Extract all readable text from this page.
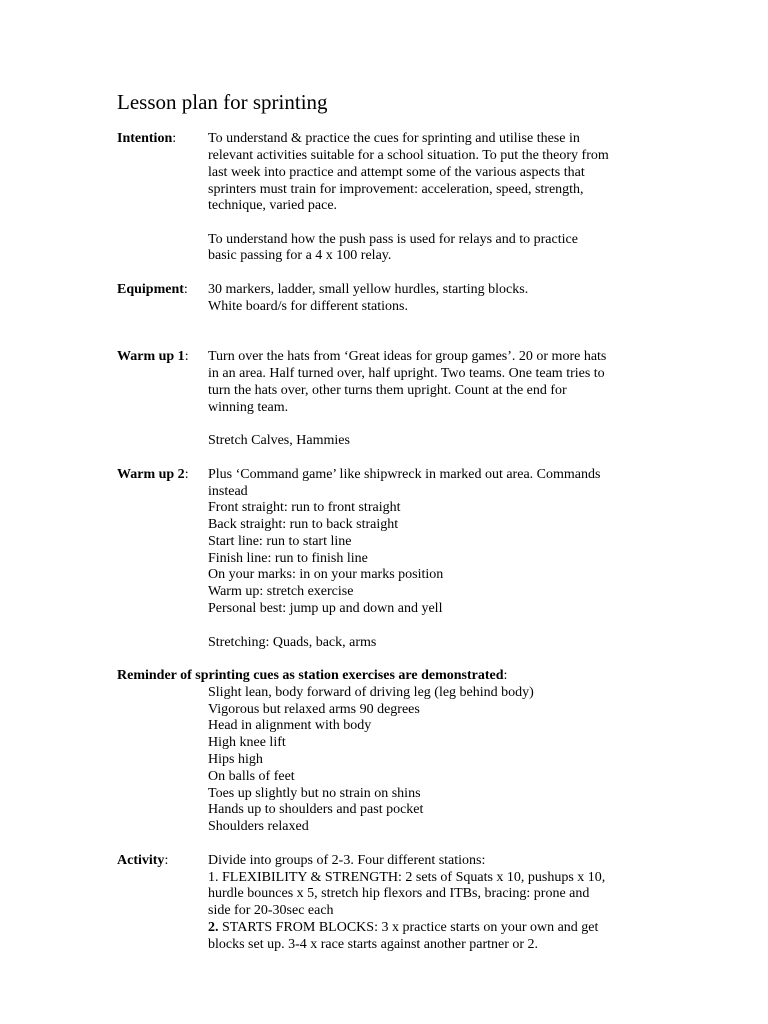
Lesson plan for sprinting
Intention: To understand & practice the cues for sprinting and utilise these in
relevant activities suitable for a school situation. To put the theory from
last week into practice and attempt some of the various aspects that
sprinters must train for improvement: acceleration, speed, strength,
technique, varied pace.
To understand how the push pass is used for relays and to practice
basic passing for a 4 x 100 relay.
Equipment: 30 markers, ladder, small yellow hurdles, starting blocks.
White board/s for different stations.
Warm up 1: Turn over the hats from ‘Great ideas for group games’. 20 or more hats
in an area. Half turned over, half upright. Two teams. One team tries to
turn the hats over, other turns them upright. Count at the end for
winning team.
Stretch Calves, Hammies
Warm up 2: Plus ‘Command game’ like shipwreck in marked out area. Commands
instead
Front straight: run to front straight
Back straight: run to back straight
Start line: run to start line
Finish line: run to finish line
On your marks: in on your marks position
Warm up: stretch exercise
Personal best: jump up and down and yell
Stretching: Quads, back, arms
Reminder of sprinting cues as station exercises are demonstrated:
Slight lean, body forward of driving leg (leg behind body)
Vigorous but relaxed arms 90 degrees
Head in alignment with body
High knee lift
Hips high
On balls of feet
Toes up slightly but no strain on shins
Hands up to shoulders and past pocket
Shoulders relaxed
Activity:	Divide into groups of 2-3. Four different stations:
1. FLEXIBILITY & STRENGTH: 2 sets of Squats x 10, pushups x 10,
hurdle bounces x 5, stretch hip flexors and ITBs, bracing: prone and
side for 20-30sec each
2. STARTS FROM BLOCKS: 3 x practice starts on your own and get
blocks set up. 3-4 x race starts against another partner or 2.
